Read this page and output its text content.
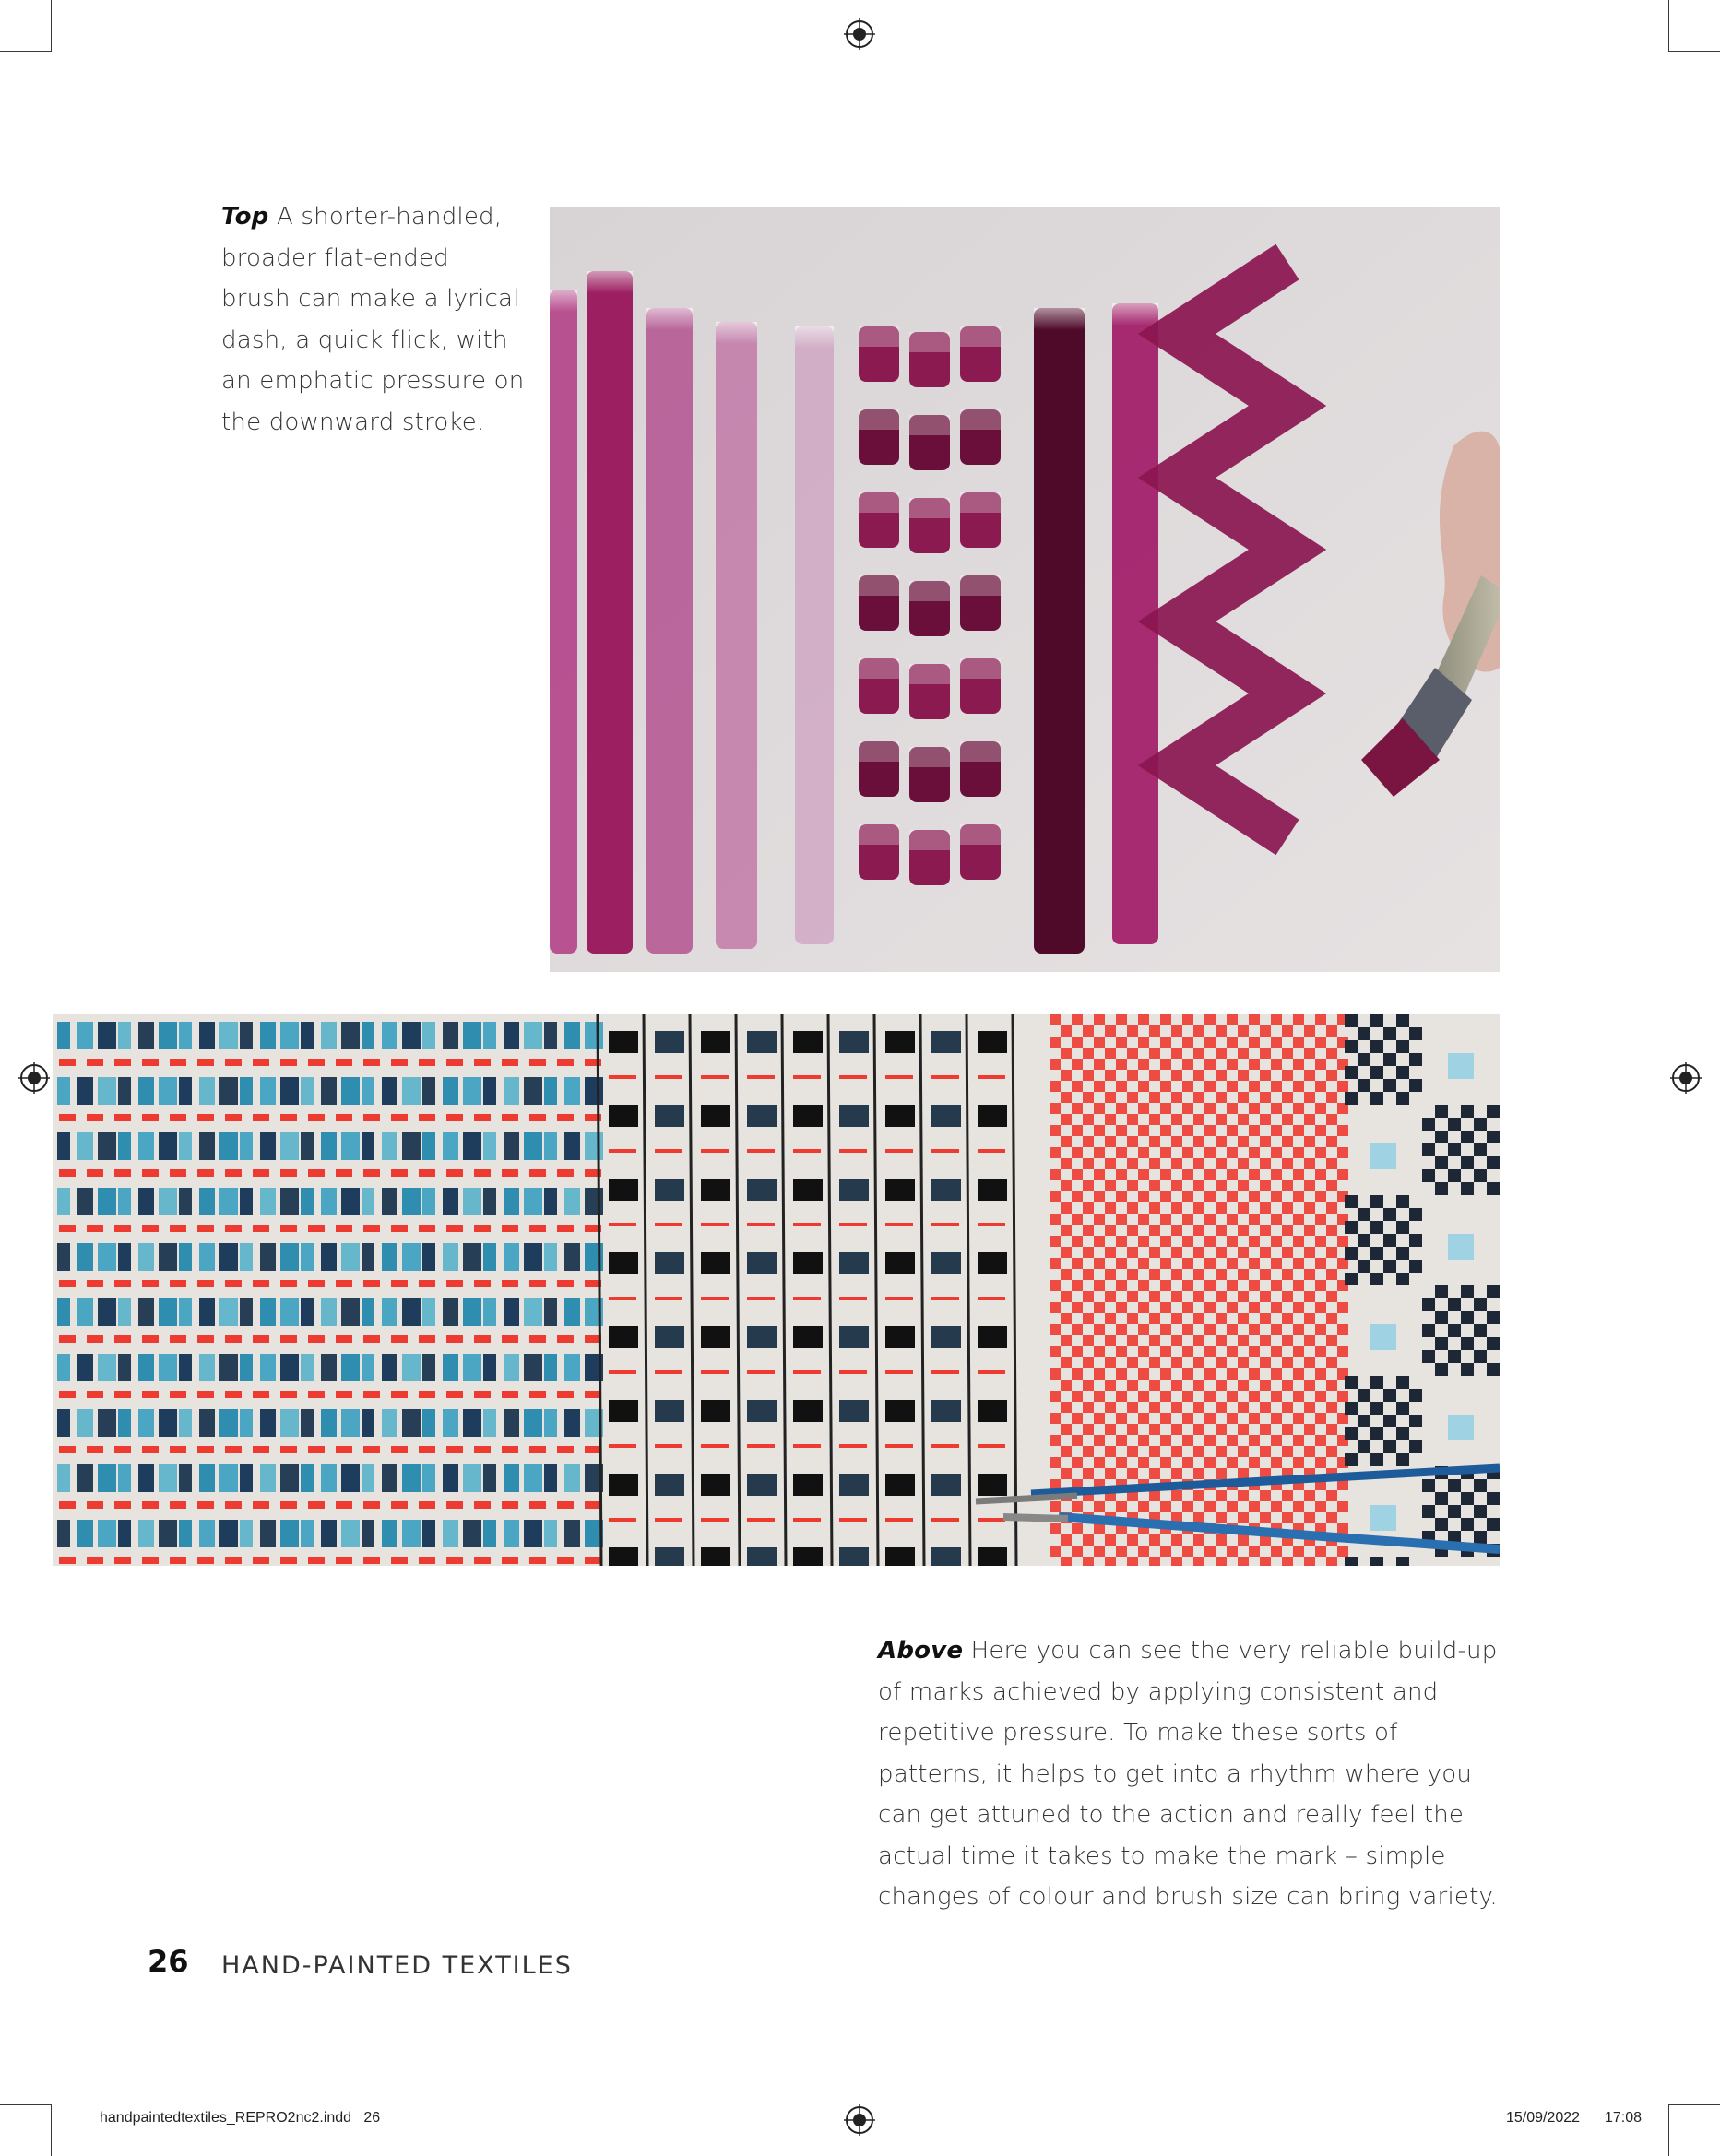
Top A shorter-handled, broader flat-ended brush can make a lyrical dash, a quick flick, with an emphatic pressure on the downward stroke.
Above Here you can see the very reliable build-up of marks achieved by applying consistent and repetitive pressure. To make these sorts of patterns, it helps to get into a rhythm where you can get attuned to the action and really feel the actual time it takes to make the mark – simple changes of colour and brush size can bring variety.
26 HAND-PAINTED TEXTILES
handpaintedtextiles_REPRO2nc2.indd   26	15/09/2022 17:08
